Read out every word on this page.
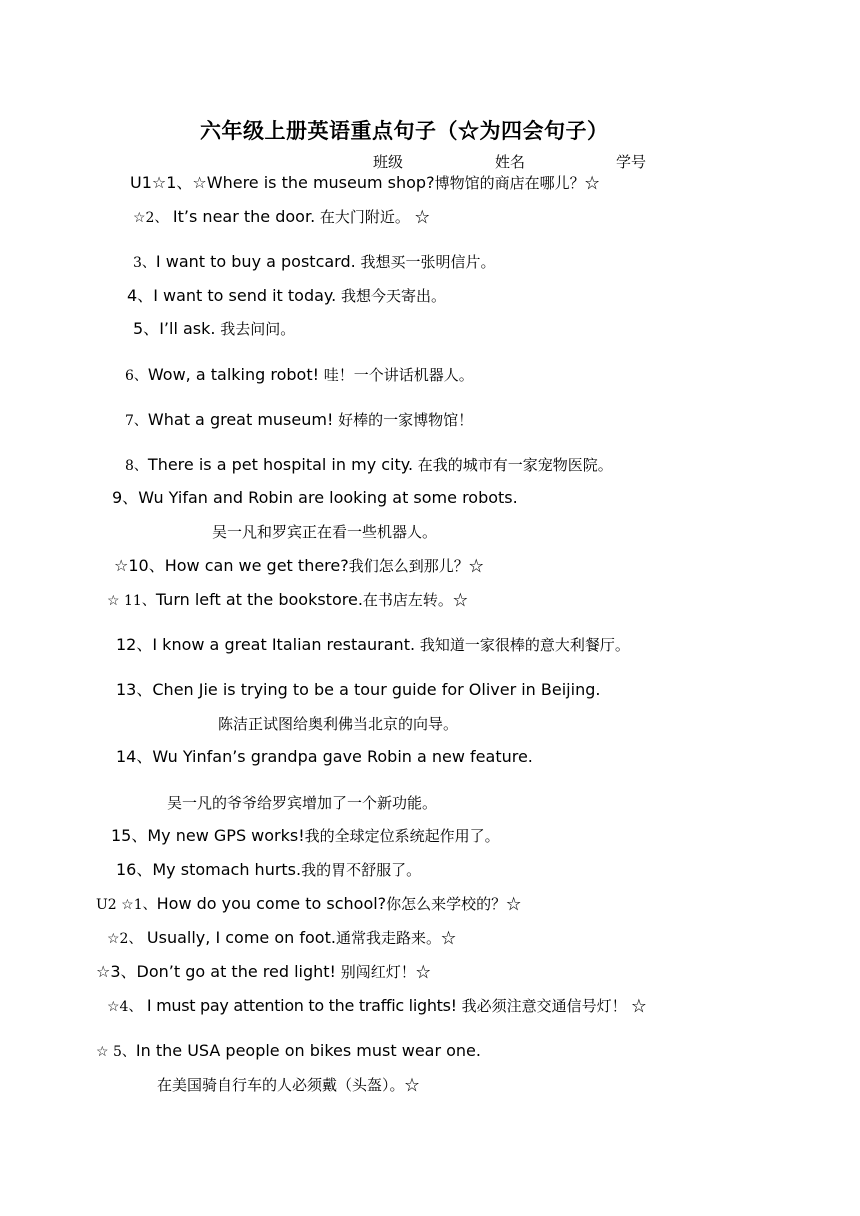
六年级上册英语重点句子（☆为四会句子）
班级	姓名	学号
U1☆1、☆Where is the museum shop?博物馆的商店在哪儿？☆
☆2、 It’s near the door. 在大门附近。 ☆
3、I want to buy a postcard. 我想买一张明信片。
4、I want to send it today. 我想今天寄出。
5、I’ll ask. 我去问问。
6、Wow, a talking robot! 哇！一个讲话机器人。
7、What a great museum! 好棒的一家博物馆！
8、There is a pet hospital in my city. 在我的城市有一家宠物医院。
9、Wu Yifan and Robin are looking at some robots.
吴一凡和罗宾正在看一些机器人。
☆10、How can we get there?我们怎么到那儿？☆
☆ 11、Turn left at the bookstore.在书店左转。☆
12、I know a great Italian restaurant. 我知道一家很棒的意大利餐厅。
13、Chen Jie is trying to be a tour guide for Oliver in Beijing.
陈洁正试图给奥利佛当北京的向导。
14、Wu Yinfan’s grandpa gave Robin a new feature.
吴一凡的爷爷给罗宾增加了一个新功能。
15、My new GPS works!我的全球定位系统起作用了。
16、My stomach hurts.我的胃不舒服了。
U2 ☆1、How do you come to school?你怎么来学校的？☆
☆2、 Usually, I come on foot.通常我走路来。☆
☆3、Don’t go at the red light! 别闯红灯！☆
☆4、 I must pay attention to the traffic lights! 我必须注意交通信号灯！ ☆
☆ 5、In the USA people on bikes must wear one.
在美国骑自行车的人必须戴（头盔）。☆
